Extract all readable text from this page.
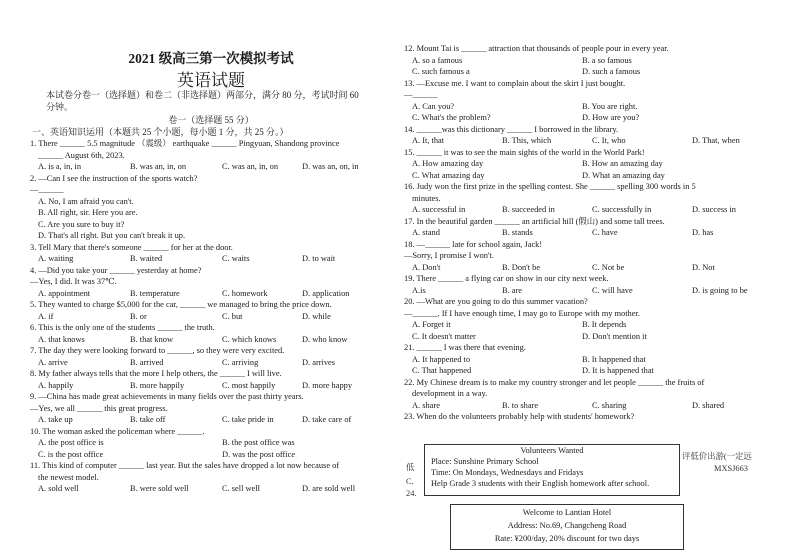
2021 级高三第一次模拟考试
英语试题
本试卷分卷一（选择题）和卷二（非选择题）两部分，满分 80 分，考试时间 60
分钟。
卷一（选择题 55 分）
一、英语知识运用（本题共 25 个小题，每小题 1 分，共 25 分。）
1. There ______ 5.5 magnitude （震级） earthquake ______ Pingyuan, Shandong province
______ August 6th, 2023.
A. is a, in, in	B. was an, in, on	C. was an, in, on	D. was an, on, in
2. —Can I see the instruction of the sports watch?
—______
A. No, I am afraid you can't.
B. All right, sir. Here you are.
C. Are you sure to buy it?
D. That's all right. But you can't break it up.
3. Tell Mary that there's someone ______ for her at the door.
A. waiting	B. waited	C. waits	D. to wait
4. —Did you take your ______ yesterday at home?
—Yes, I did. It was 37℃.
A. appointment	B. temperature	C. homework	D. application
5. They wanted to charge $5,000 for the car, ______ we managed to bring the price down.
A. if	B. or	C. but	D. while
6. This is the only one of the students ______ the truth.
A. that knows	B. that know	C. which knows	D. who know
7. The day they were looking forward to ______, so they were very excited.
A. arrive	B. arrived	C. arriving	D. arrives
8. My father always tells that the more I help others, the ______ I will live.
A. happily	B. more happily	C. most happily	D. more happy
9. —China has made great achievements in many fields over the past thirty years.
—Yes, we all ______ this great progress.
A. take up	B. take off	C. take pride in	D. take care of
10. The woman asked the policeman where ______.
A. the post office is	B. the post office was
C. is the post office	D. was the post office
11. This kind of computer ______ last year. But the sales have dropped a lot now because of
the newest model.
A. sold well	B. were sold well	C. sell well	D. are sold well
12. Mount Tai is ______ attraction that thousands of people pour in every year.
A. so a famous	B. a so famous
C. such famous a	D. such a famous
13. —Excuse me. I want to complain about the skirt I just bought.
—______
A. Can you?	B. You are right.
C. What's the problem?	D. How are you?
14. ______was this dictionary ______ I borrowed in the library.
A. It, that	B. This, which	C. It, who	D. That, when
15. ______ it was to see the main sights of the world in the World Park!
A. How amazing day	B. How an amazing day
C. What amazing day	D. What an amazing day
16. Judy won the first prize in the spelling contest. She ______ spelling 300 words in 5
minutes.
A. successful in	B. succeeded in	C. successfully in	D. success in
17. In the beautiful garden ______ an artificial hill (假山) and some tall trees.
A. stand	B. stands	C. have	D. has
18. —______ late for school again, Jack!
—Sorry, I promise I won't.
A. Don't	B. Don't be	C. Not be	D. Not
19. There ______ a flying car on show in our city next week.
A.is	B. are	C. will have	D. is going to be
20. —What are you going to do this summer vacation?
—______. If I have enough time, I may go to Europe with my mother.
A. Forget it	B. It depends
C. It doesn't matter	D. Don't mention it
21. ______ I was there that evening.
A. It happened to	B. It happened that
C. That happened	D. It is happened that
22. My Chinese dream is to make my country stronger and let people ______ the fruits of
development in a way.
A. share	B. to share	C. sharing	D. shared
23. When do the volunteers probably help with students' homework?
低
C.
24.
评低价出游(一定远
MXSJ663
Volunteers Wanted
Place: Sunshine Primary School
Time: On Mondays, Wednesdays and Fridays
Help Grade 3 students with their English homework after school.
Welcome to Lantian Hotel
Address: No.69, Changcheng Road
Rate: ¥200/day, 20% discount for two days
